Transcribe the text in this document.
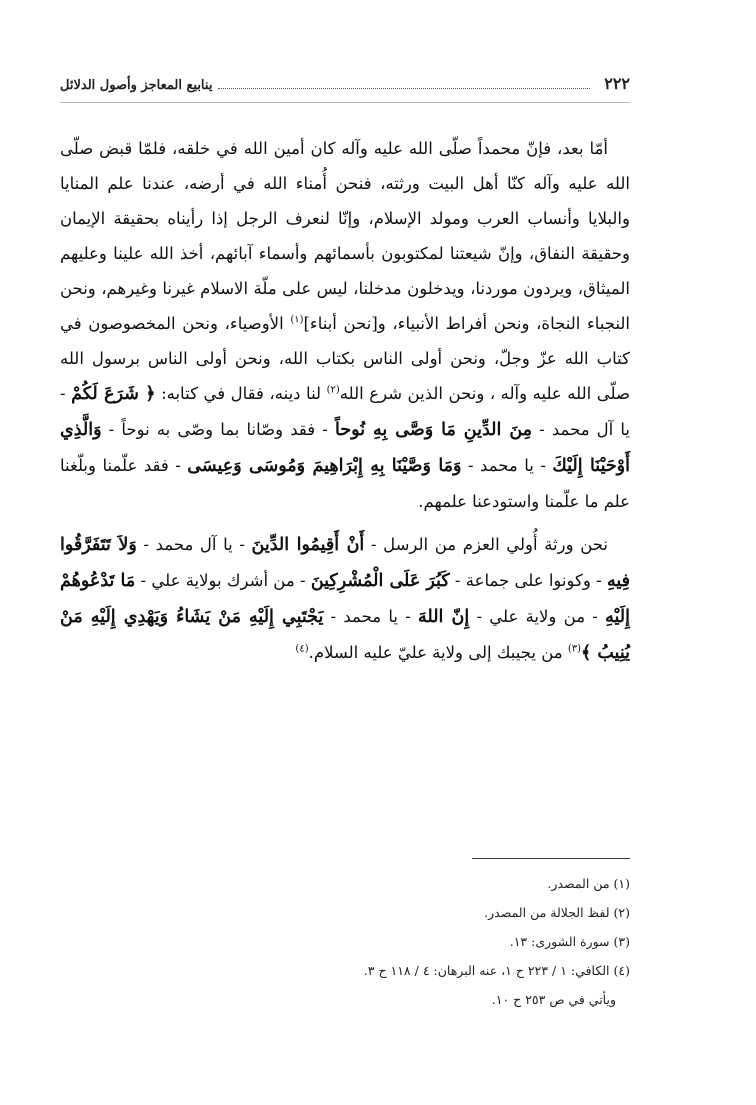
٢٢٢
ينابيع المعاجز وأصول الدلائل

أمّا بعد، فإنّ محمداً صلّى الله عليه وآله كان أمين الله في خلقه، فلمّا قبض صلّى الله عليه وآله كنّا أهل البيت ورثته، فنحن أُمناء الله في أرضه، عندنا علم المنايا والبلايا وأنساب العرب ومولد الإسلام، وإنّا لنعرف الرجل إذا رأيناه بحقيقة الإيمان وحقيقة النفاق، وإنّ شيعتنا لمكتوبون بأسمائهم وأسماء آبائهم، أخذ الله علينا وعليهم الميثاق، ويردون موردنا، ويدخلون مدخلنا، ليس على ملّة الاسلام غيرنا وغيرهم، ونحن النجباء النجاة، ونحن أفراط الأنبياء، و[نحن أبناء]$^{(١)}$ الأوصياء، ونحن المخصوصون في كتاب الله عزّ وجلّ، ونحن أولى الناس بكتاب الله، ونحن أولى الناس برسول الله صلّى الله عليه وآله ، ونحن الذين شرع الله$^{(٢)}$ لنا دينه، فقال في كتابه: ﴿ شَرَعَ لَكُمْ - يا آل محمد - مِنَ الدِّينِ مَا وَصَّى بِهِ نُوحاً - فقد وصّانا بما وصّى به نوحاً - وَالَّذِي أَوْحَيْنَا إِلَيْكَ - يا محمد - وَمَا وَصَّيْنَا بِهِ إِبْرَاهِيمَ وَمُوسَى وَعِيسَى - فقد علّمنا وبلّغنا علم ما علّمنا واستودعنا علمهم.

نحن ورثة أُولي العزم من الرسل - أَنْ أَقِيمُوا الدِّينَ - يا آل محمد - وَلاَ تَتَفَرَّقُوا فِيهِ - وكونوا على جماعة - كَبُرَ عَلَى الْمُشْرِكِينَ - من أشرك بولاية علي - مَا تَدْعُوهُمْ إِلَيْهِ - من ولاية علي - إِنّ اللهَ - يا محمد - يَجْتَبِي إِلَيْهِ مَنْ يَشَاءُ وَيَهْدِي إِلَيْهِ مَنْ يُنِيبُ ﴾$^{(٣)}$ من يجيبك إلى ولاية عليّ عليه السلام.$^{(٤)}$

(١) من المصدر.
(٢) لفظ الجلالة من المصدر.
(٣) سورة الشورى: ١٣.
(٤) الكافي: ١ / ٢٢٣ ح ١، عنه البرهان: ٤ / ١١٨ ح ٣.
ويأتي في ص ٢٥٣ ح ١٠.
